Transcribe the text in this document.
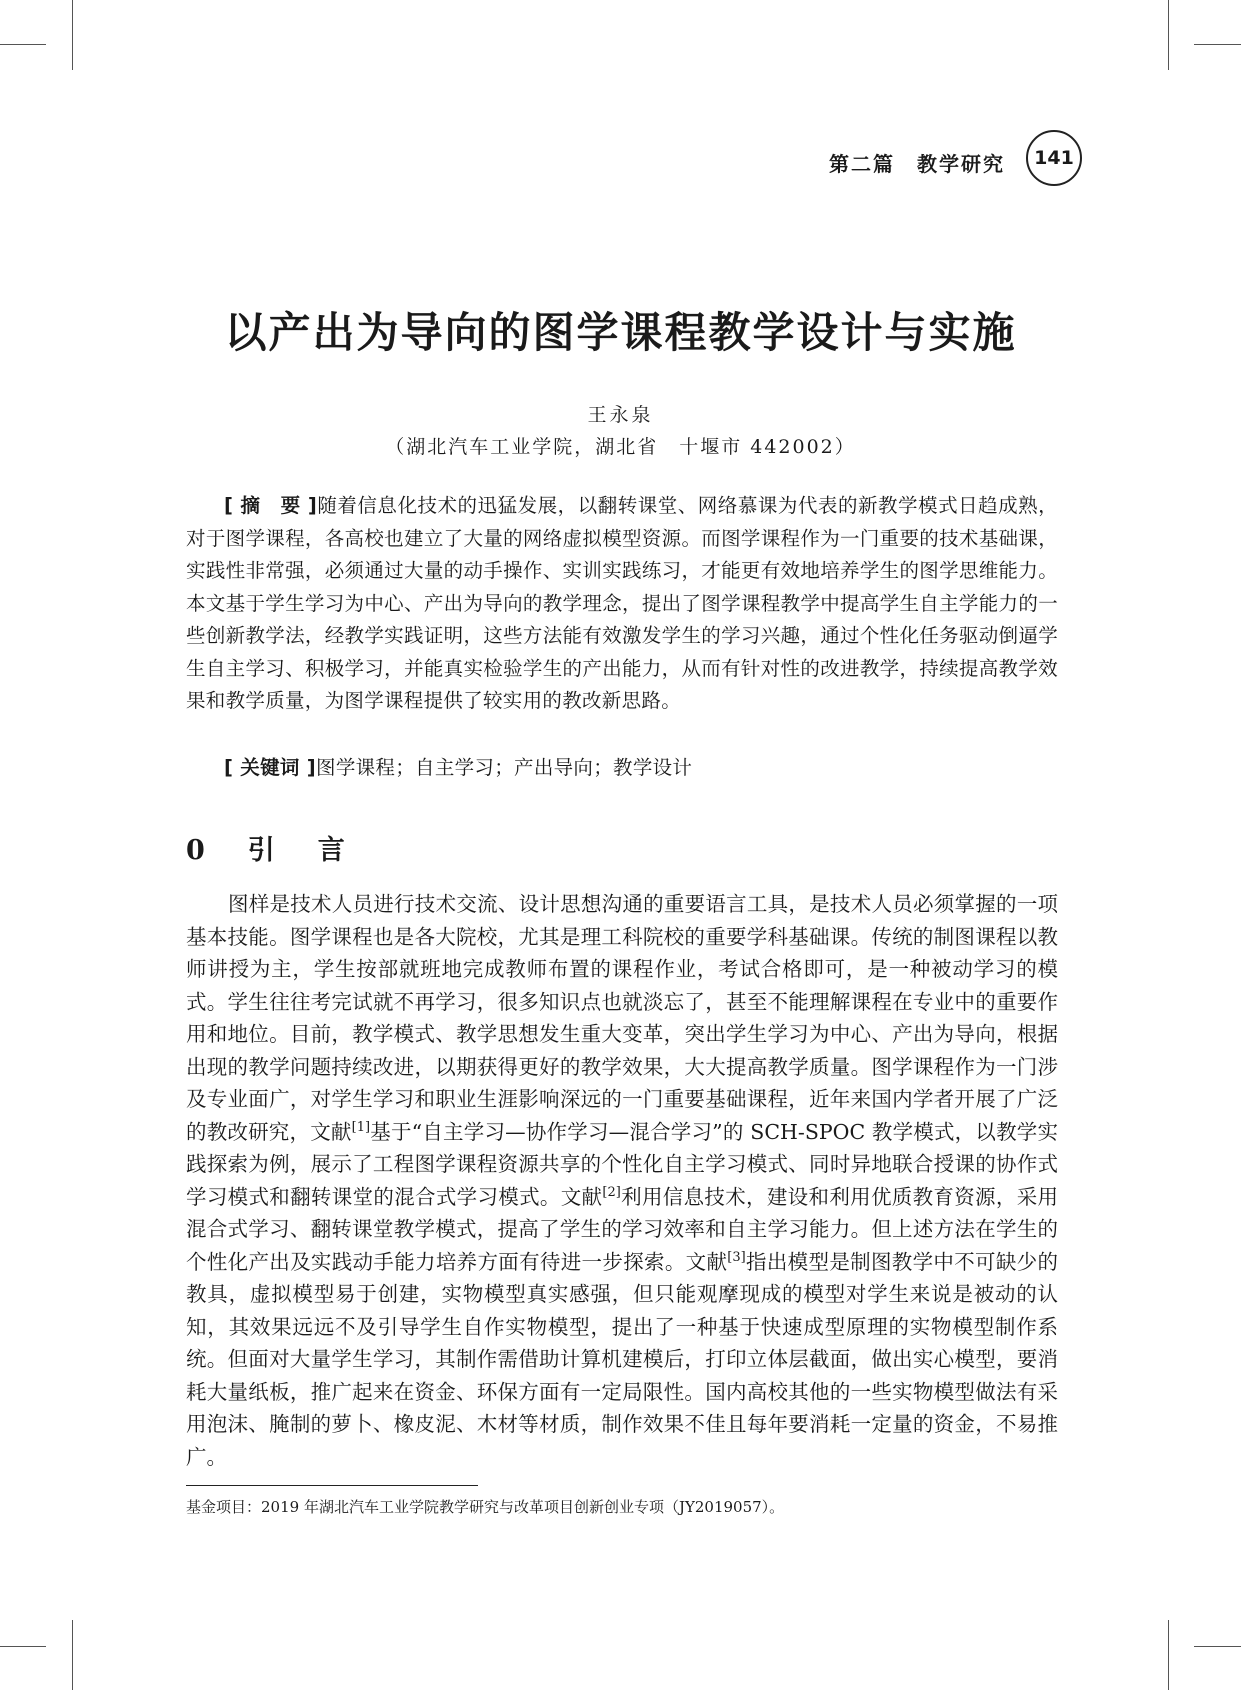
第二篇　教学研究	141
以产出为导向的图学课程教学设计与实施
王永泉
（湖北汽车工业学院，湖北省　十堰市 442002）

[ 摘　要 ]随着信息化技术的迅猛发展，以翻转课堂、网络慕课为代表的新教学模式日趋成熟，对于图学课程，各高校也建立了大量的网络虚拟模型资源。而图学课程作为一门重要的技术基础课，实践性非常强，必须通过大量的动手操作、实训实践练习，才能更有效地培养学生的图学思维能力。本文基于学生学习为中心、产出为导向的教学理念，提出了图学课程教学中提高学生自主学能力的一些创新教学法，经教学实践证明，这些方法能有效激发学生的学习兴趣，通过个性化任务驱动倒逼学生自主学习、积极学习，并能真实检验学生的产出能力，从而有针对性的改进教学，持续提高教学效果和教学质量，为图学课程提供了较实用的教改新思路。

[ 关键词 ]图学课程；自主学习；产出导向；教学设计
0　引　言

图样是技术人员进行技术交流、设计思想沟通的重要语言工具，是技术人员必须掌握的一项基本技能。图学课程也是各大院校，尤其是理工科院校的重要学科基础课。传统的制图课程以教师讲授为主，学生按部就班地完成教师布置的课程作业，考试合格即可，是一种被动学习的模式。学生往往考完试就不再学习，很多知识点也就淡忘了，甚至不能理解课程在专业中的重要作用和地位。目前，教学模式、教学思想发生重大变革，突出学生学习为中心、产出为导向，根据出现的教学问题持续改进，以期获得更好的教学效果，大大提高教学质量。图学课程作为一门涉及专业面广，对学生学习和职业生涯影响深远的一门重要基础课程，近年来国内学者开展了广泛的教改研究，文献[1]基于“自主学习—协作学习—混合学习”的 SCH-SPOC 教学模式，以教学实践探索为例，展示了工程图学课程资源共享的个性化自主学习模式、同时异地联合授课的协作式学习模式和翻转课堂的混合式学习模式。文献[2]利用信息技术，建设和利用优质教育资源，采用混合式学习、翻转课堂教学模式，提高了学生的学习效率和自主学习能力。但上述方法在学生的个性化产出及实践动手能力培养方面有待进一步探索。文献[3]指出模型是制图教学中不可缺少的教具，虚拟模型易于创建，实物模型真实感强，但只能观摩现成的模型对学生来说是被动的认知，其效果远远不及引导学生自作实物模型，提出了一种基于快速成型原理的实物模型制作系统。但面对大量学生学习，其制作需借助计算机建模后，打印立体层截面，做出实心模型，要消耗大量纸板，推广起来在资金、环保方面有一定局限性。国内高校其他的一些实物模型做法有采用泡沫、腌制的萝卜、橡皮泥、木材等材质，制作效果不佳且每年要消耗一定量的资金，不易推广。

基金项目：2019 年湖北汽车工业学院教学研究与改革项目创新创业专项（JY2019057）。
